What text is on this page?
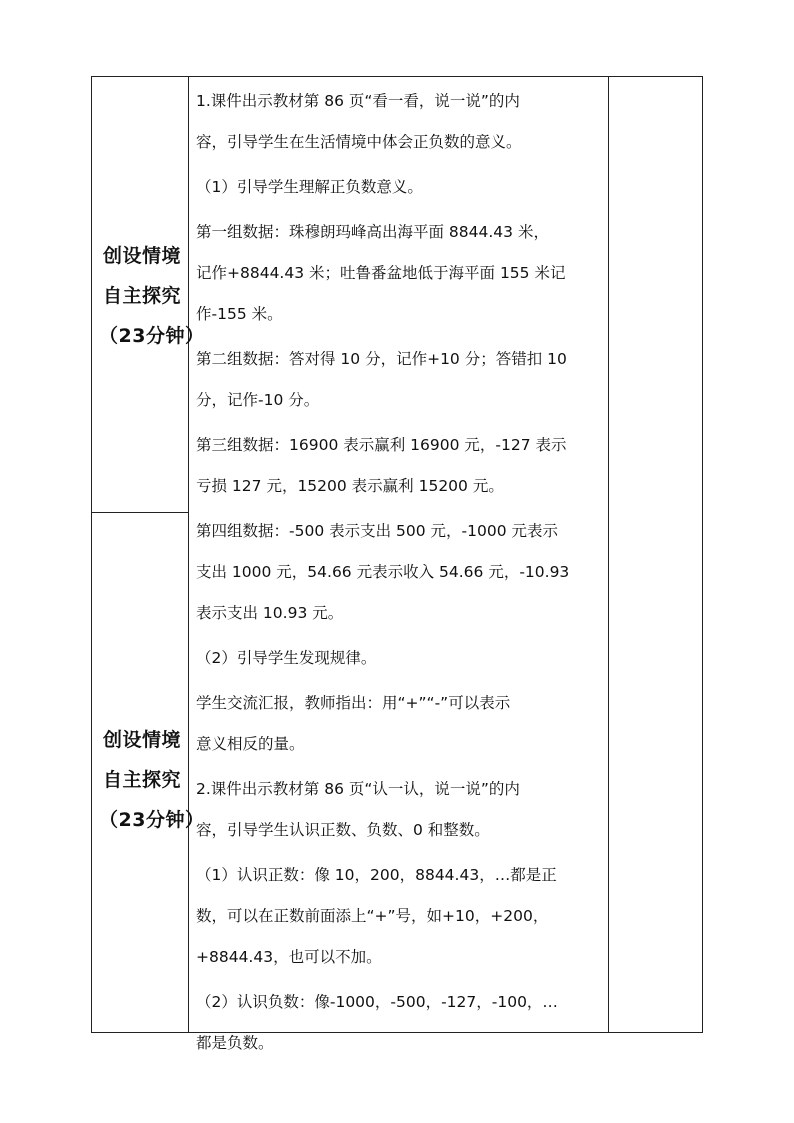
创设情境
自主探究
（23分钟）
创设情境
自主探究
（23分钟）
1.课件出示教材第 86 页“看一看，说一说”的内
容，引导学生在生活情境中体会正负数的意义。
（1）引导学生理解正负数意义。
第一组数据：珠穆朗玛峰高出海平面 8844.43 米，
记作+8844.43 米；吐鲁番盆地低于海平面 155 米记
作-155 米。
第二组数据：答对得 10 分，记作+10 分；答错扣 10
分，记作-10 分。
第三组数据：16900 表示赢利 16900 元，-127 表示
亏损 127 元，15200 表示赢利 15200 元。
第四组数据：-500 表示支出 500 元，-1000 元表示
支出 1000 元，54.66 元表示收入 54.66 元，-10.93
表示支出 10.93 元。
（2）引导学生发现规律。
学生交流汇报，教师指出：用“+”“-”可以表示
意义相反的量。
2.课件出示教材第 86 页“认一认，说一说”的内
容，引导学生认识正数、负数、0 和整数。
（1）认识正数：像 10，200，8844.43，…都是正
数，可以在正数前面添上“+”号，如+10，+200，
+8844.43，也可以不加。
（2）认识负数：像-1000，-500，-127，-100，…
都是负数。
